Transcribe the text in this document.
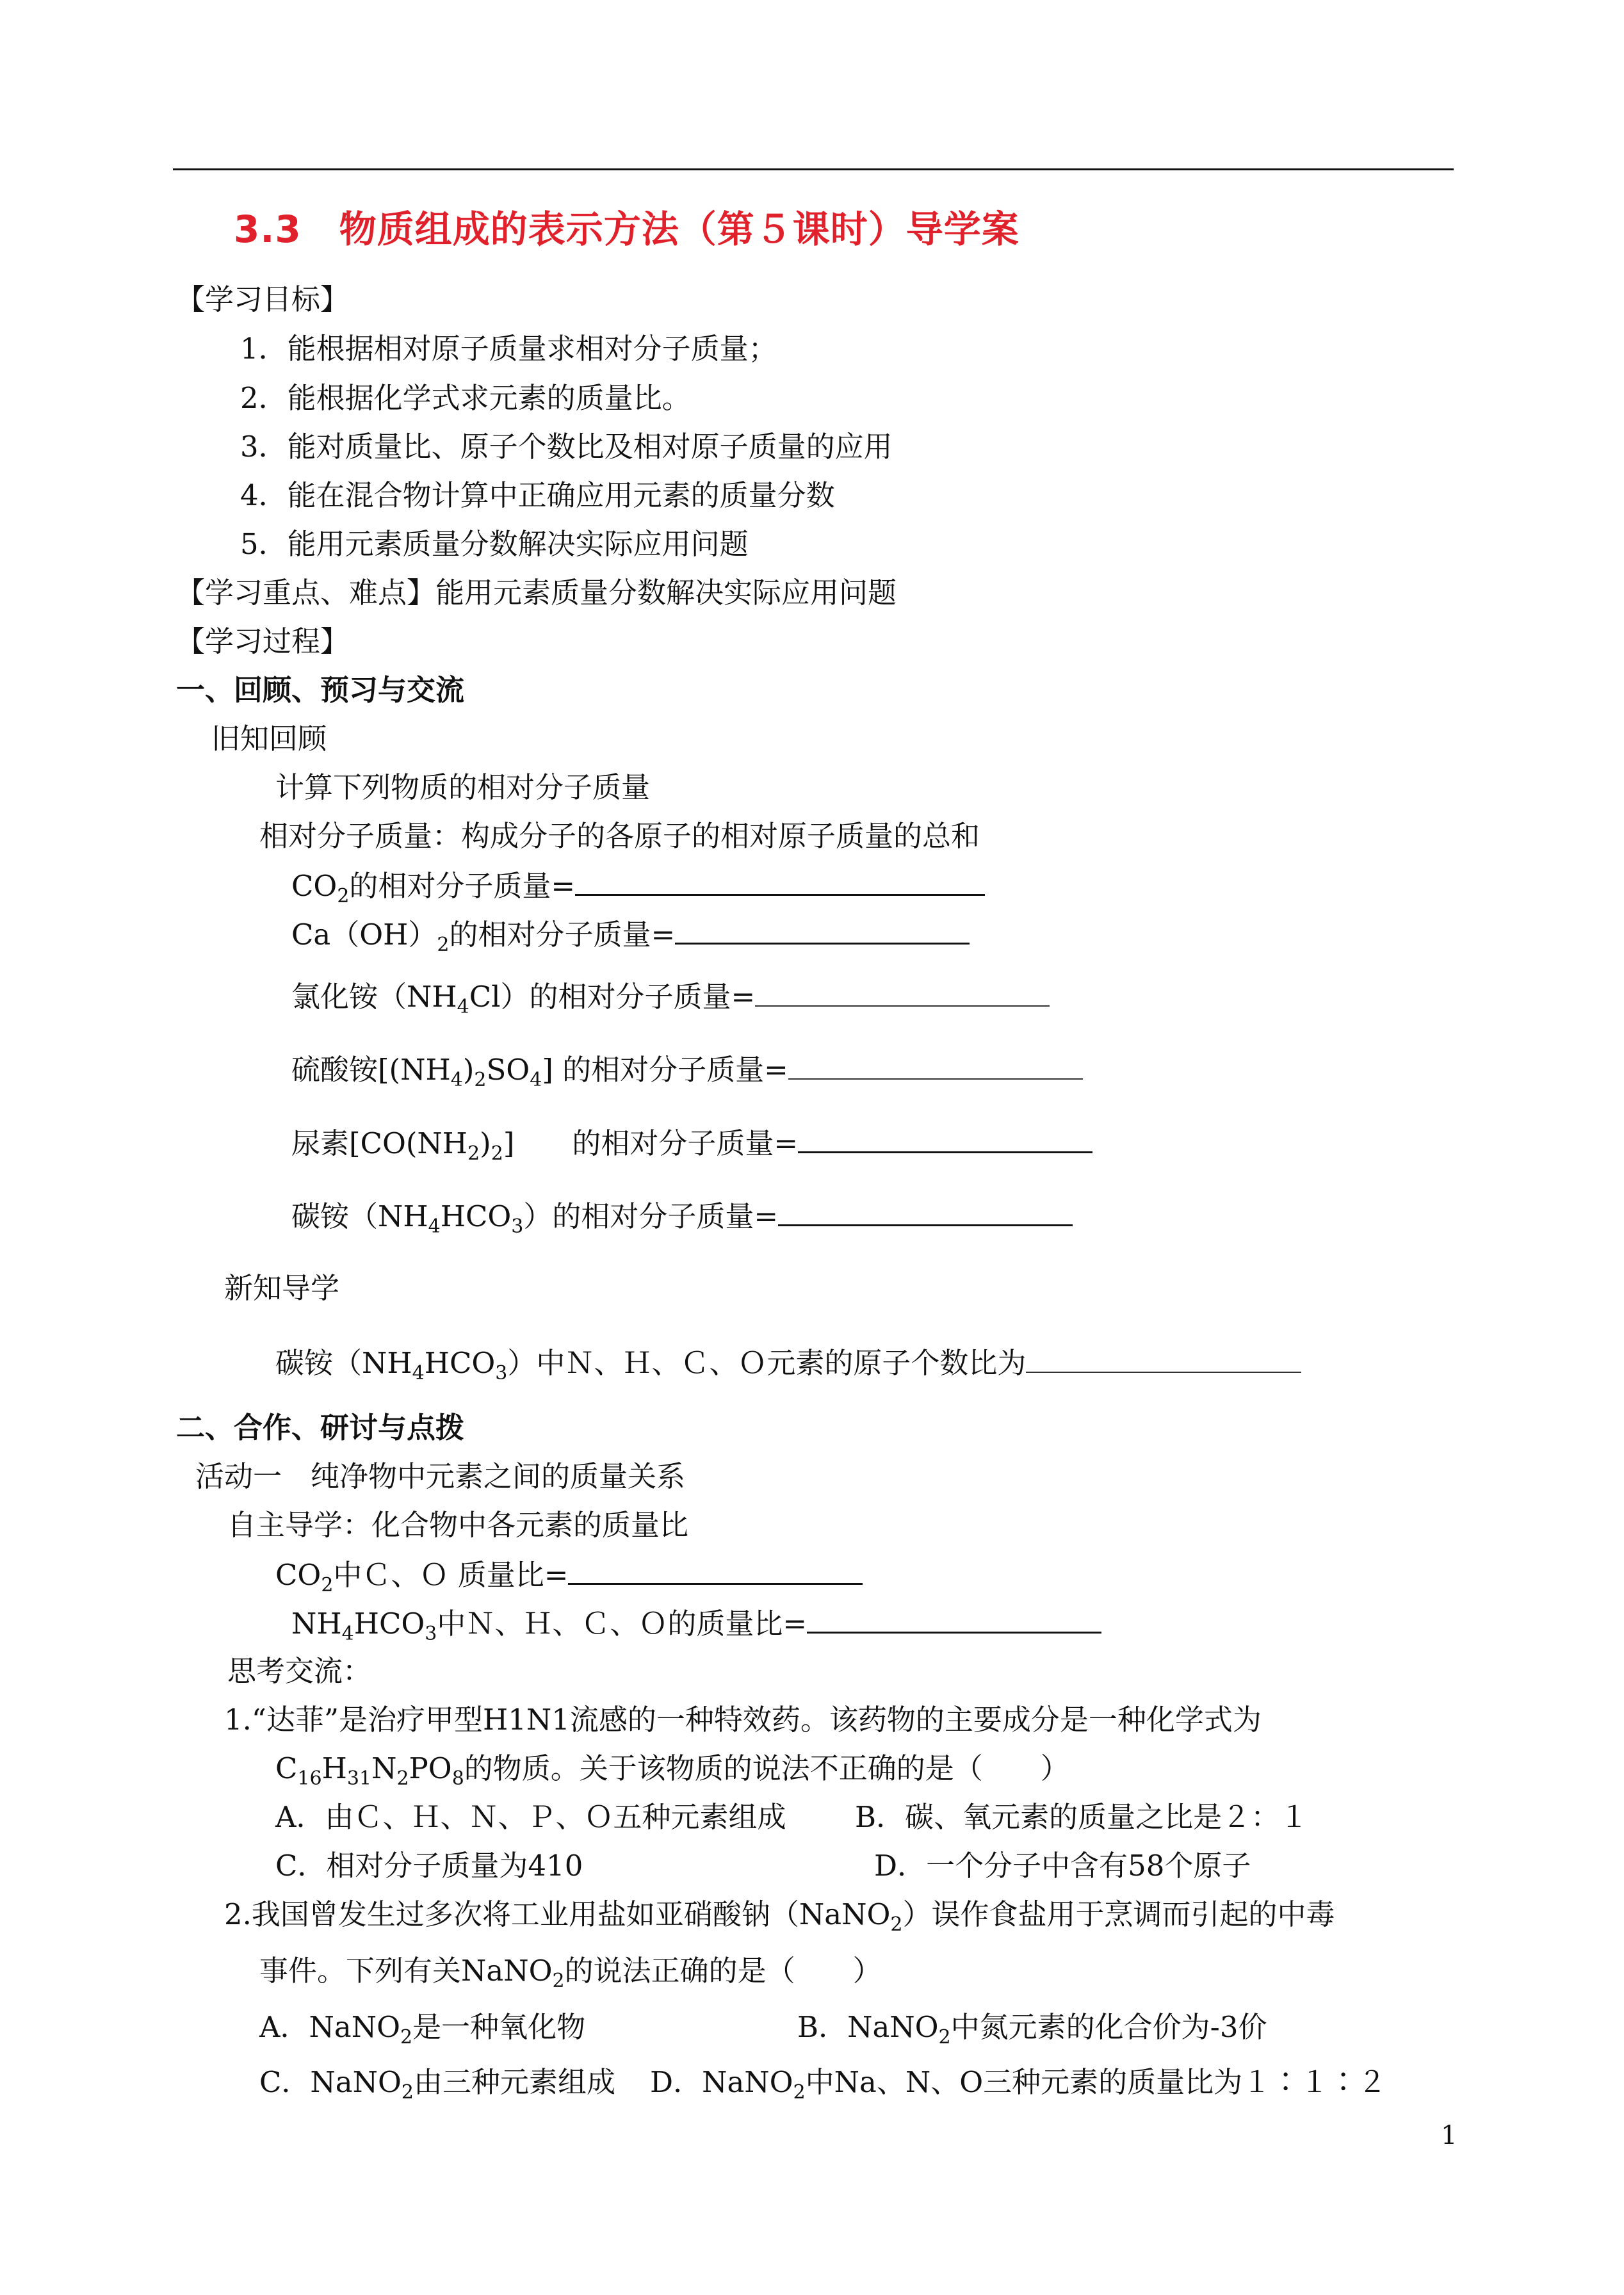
3.3　物质组成的表示方法（第５课时）导学案
【学习目标】
1．能根据相对原子质量求相对分子质量；
2．能根据化学式求元素的质量比。
3．能对质量比、原子个数比及相对原子质量的应用
4．能在混合物计算中正确应用元素的质量分数
5．能用元素质量分数解决实际应用问题
【学习重点、难点】能用元素质量分数解决实际应用问题
【学习过程】
一、回顾、预习与交流
旧知回顾
计算下列物质的相对分子质量
相对分子质量：构成分子的各原子的相对原子质量的总和
$CO_2$的相对分子质量=
$Ca(OH)_2$的相对分子质量=
氯化铵$(NH_4Cl)$的相对分子质量=
硫酸铵$[(NH_4)_2SO_4]$ 的相对分子质量=
尿素$[CO(NH_2)_2]$　　的相对分子质量=
碳铵$(NH_4HCO_3)$的相对分子质量=
新知导学
碳铵$(NH_4HCO_3)$中Ｎ、Ｈ、Ｃ、Ｏ元素的原子个数比为
二、合作、研讨与点拨
活动一　纯净物中元素之间的质量关系
自主导学：化合物中各元素的质量比
$CO_2$中Ｃ、Ｏ 质量比=
$NH_4HCO_3$中Ｎ、Ｈ、Ｃ、Ｏ的质量比=
思考交流：
1.“达菲”是治疗甲型H1N1流感的一种特效药。该药物的主要成分是一种化学式为
$C_{16}H_{31}N_2PO_8$的物质。关于该物质的说法不正确的是（　　）
A．由Ｃ、Ｈ、Ｎ、Ｐ、Ｏ五种元素组成 B．碳、氧元素的质量之比是２：１
C．相对分子质量为410	D．一个分子中含有58个原子
2.我国曾发生过多次将工业用盐如亚硝酸钠（NaNO$_2$）误作食盐用于烹调而引起的中毒
事件。下列有关NaNO$_2$的说法正确的是（　　）
A．NaNO$_2$是一种氧化物	B．NaNO$_2$中氮元素的化合价为-3价
C．NaNO$_2$由三种元素组成 D．NaNO$_2$中Na、N、O三种元素的质量比为１∶１∶２
1
